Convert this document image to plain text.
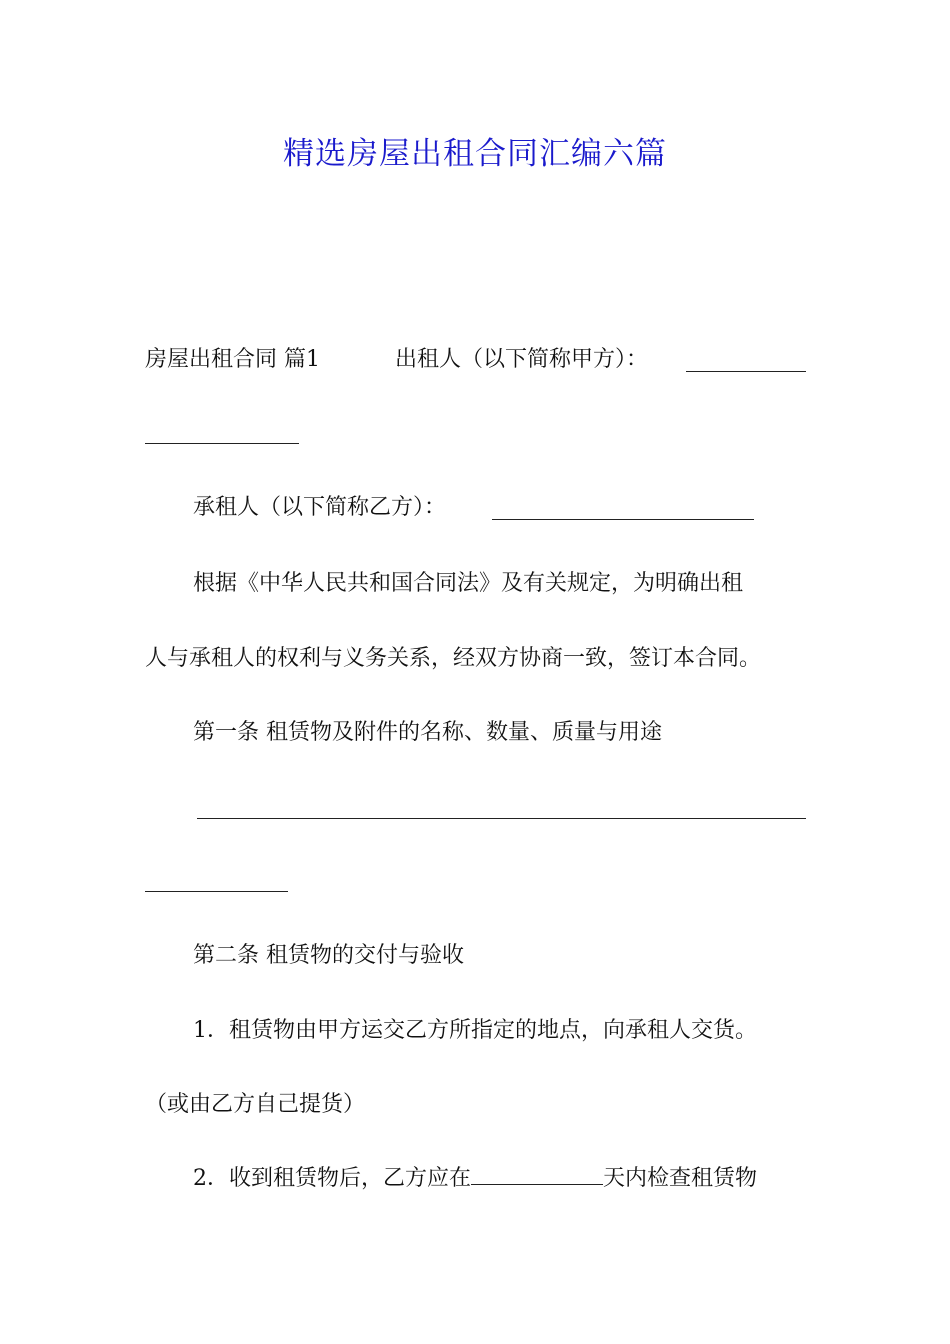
精选房屋出租合同汇编六篇
房屋出租合同 篇1	出租人（以下简称甲方）：
承租人（以下简称乙方）：
根据《中华人民共和国合同法》及有关规定，为明确出租
人与承租人的权利与义务关系，经双方协商一致，签订本合同。
第一条 租赁物及附件的名称、数量、质量与用途
第二条 租赁物的交付与验收
1．租赁物由甲方运交乙方所指定的地点，向承租人交货。
（或由乙方自己提货）
2．收到租赁物后，乙方应在	天内检查租赁物
